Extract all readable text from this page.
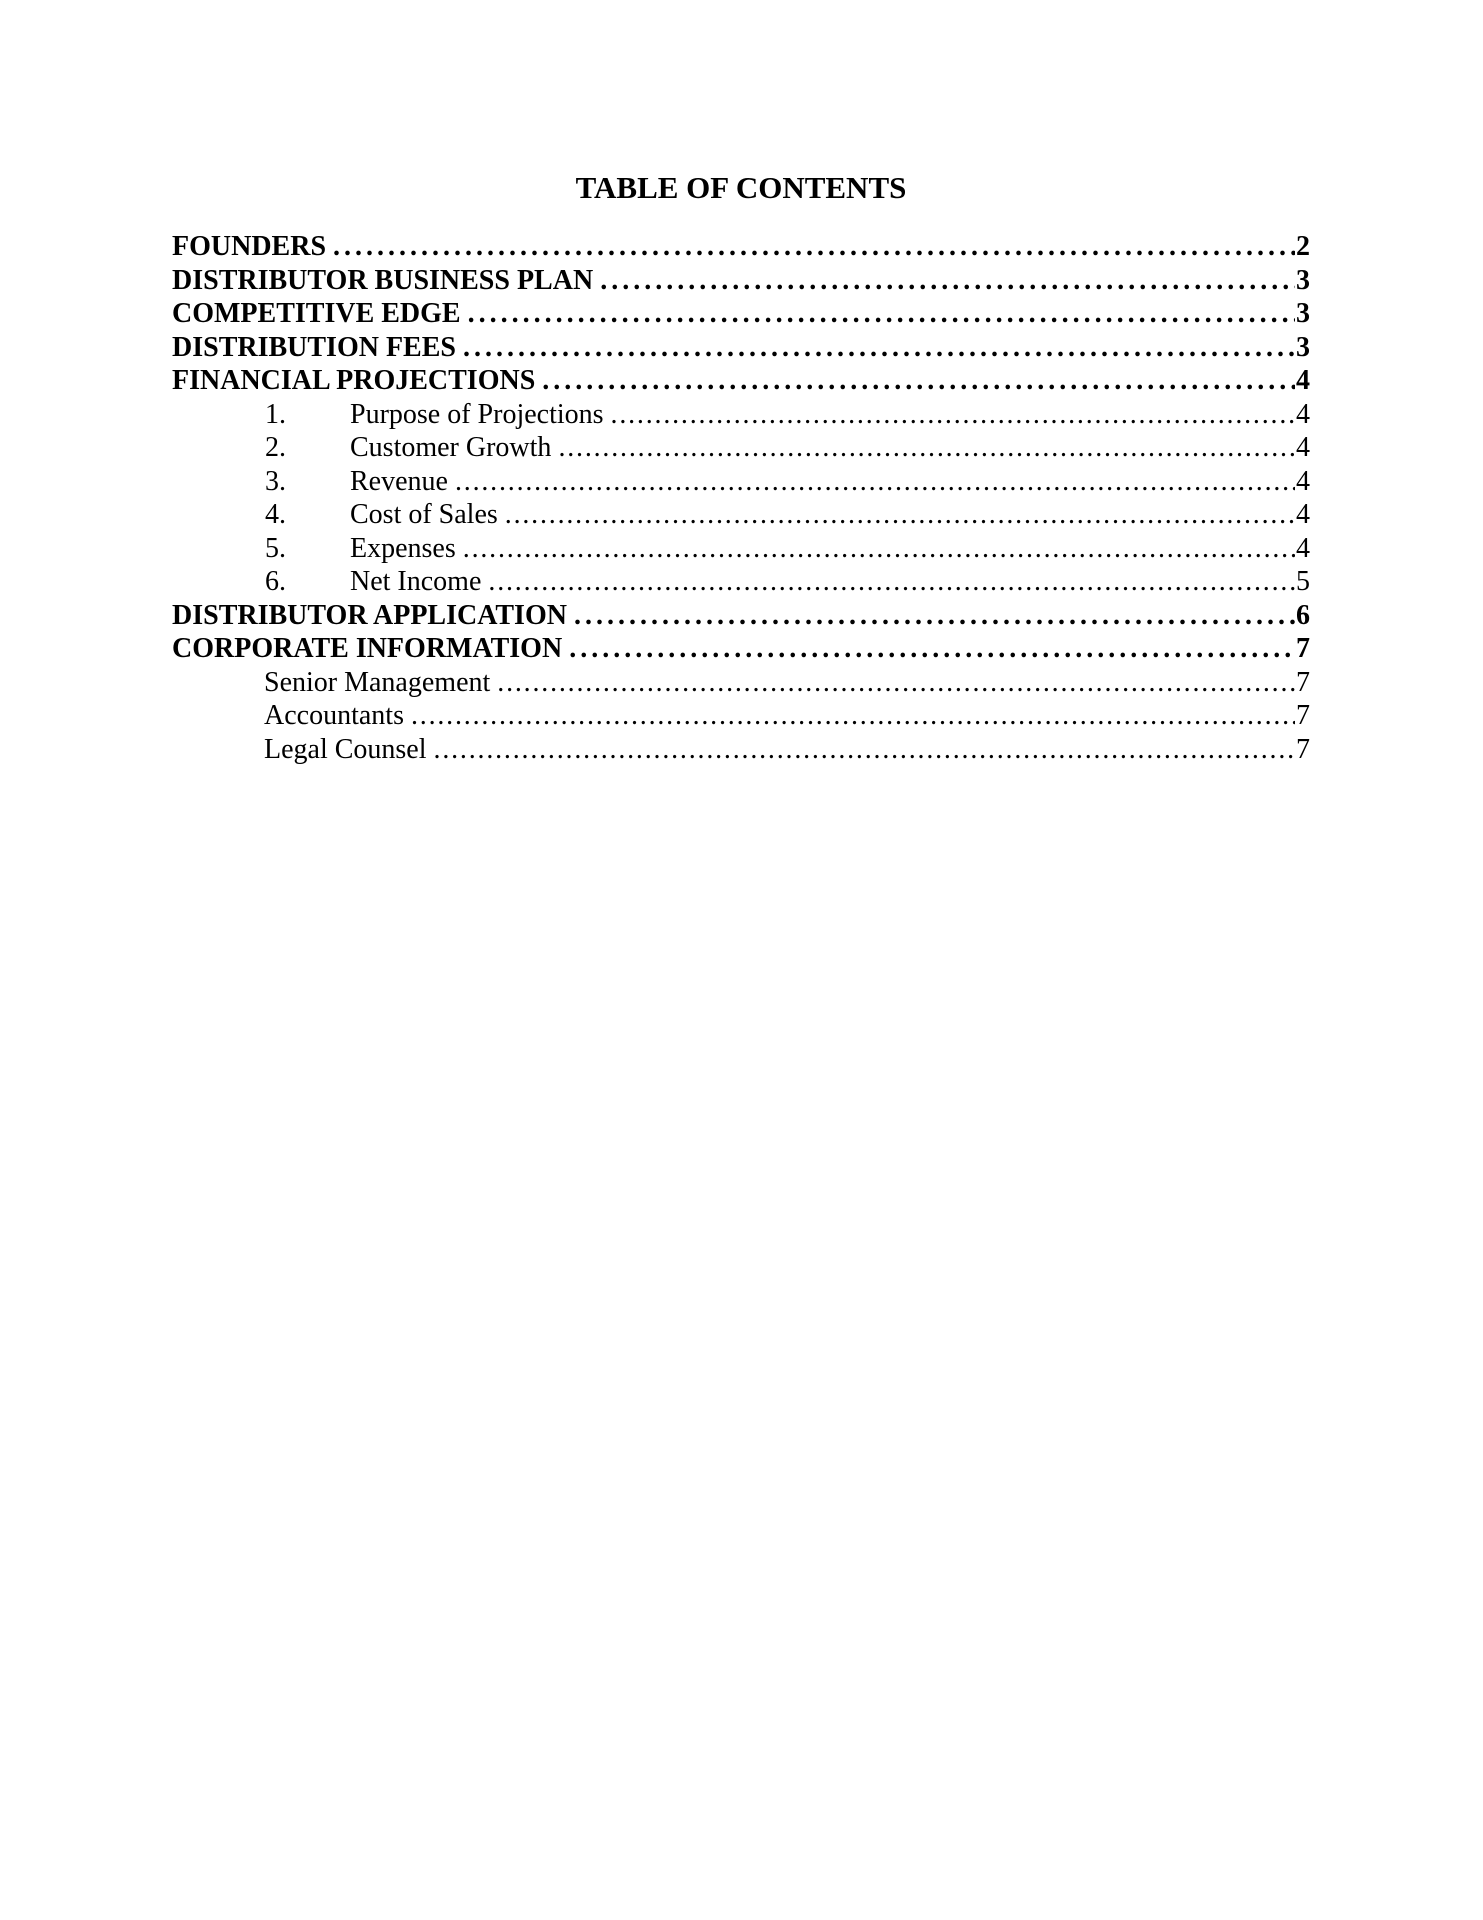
TABLE OF CONTENTS
FOUNDERS .....	2
DISTRIBUTOR BUSINESS PLAN .....	3
COMPETITIVE EDGE .....	3
DISTRIBUTION FEES .....	3
FINANCIAL PROJECTIONS .....	4
1.	Purpose of Projections .....	4
2.	Customer Growth .....	4
3.	Revenue .....	4
4.	Cost of Sales .....	4
5.	Expenses .....	4
6.	Net Income .....	5
DISTRIBUTOR APPLICATION .....	6
CORPORATE INFORMATION .....	7
Senior Management .....	7
Accountants .....	7
Legal Counsel .....	7
